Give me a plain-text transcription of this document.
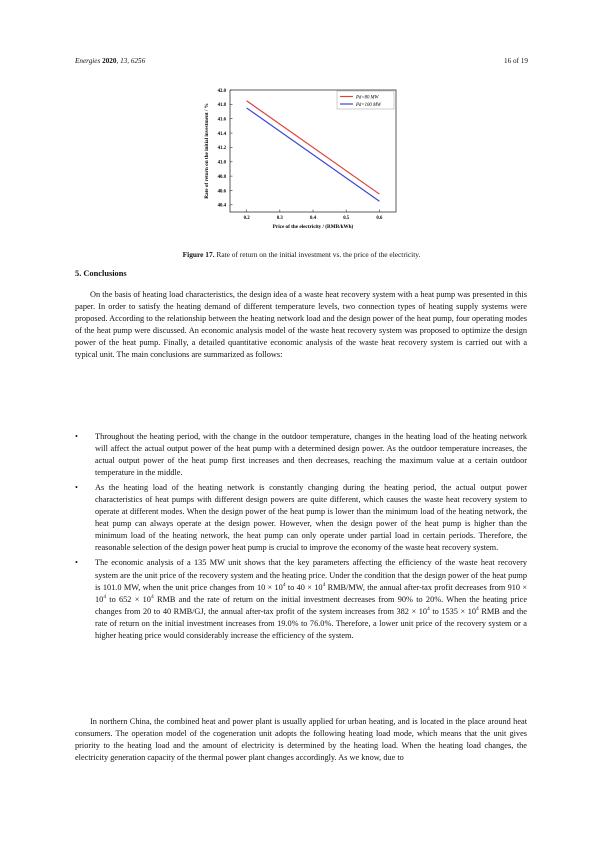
Energies 2020, 13, 6256	16 of 19
40.4
40.6
40.8
41.0
41.2
41.4
41.6
41.8
42.0
0.2	0.3	0.4	0.5	0.6
Price of the electricity / (RMB/kWh)
Rate of return on the initial investment / %
Pd=80 MW
Pd=100 MW
Figure 17. Rate of return on the initial investment vs. the price of the electricity.
5. Conclusions

On the basis of heating load characteristics, the design idea of a waste heat recovery system with a heat pump was presented in this paper. In order to satisfy the heating demand of different temperature levels, two connection types of heating supply systems were proposed. According to the relationship between the heating network load and the design power of the heat pump, four operating modes of the heat pump were discussed. An economic analysis model of the waste heat recovery system was proposed to optimize the design power of the heat pump. Finally, a detailed quantitative economic analysis of the waste heat recovery system is carried out with a typical unit. The main conclusions are summarized as follows:

• Throughout the heating period, with the change in the outdoor temperature, changes in the heating load of the heating network will affect the actual output power of the heat pump with a determined design power. As the outdoor temperature increases, the actual output power of the heat pump first increases and then decreases, reaching the maximum value at a certain outdoor temperature in the middle.
• As the heating load of the heating network is constantly changing during the heating period, the actual output power characteristics of heat pumps with different design powers are quite different, which causes the waste heat recovery system to operate at different modes. When the design power of the heat pump is lower than the minimum load of the heating network, the heat pump can always operate at the design power. However, when the design power of the heat pump is higher than the minimum load of the heating network, the heat pump can only operate under partial load in certain periods. Therefore, the reasonable selection of the design power heat pump is crucial to improve the economy of the waste heat recovery system.
• The economic analysis of a 135 MW unit shows that the key parameters affecting the efficiency of the waste heat recovery system are the unit price of the recovery system and the heating price. Under the condition that the design power of the heat pump is 101.0 MW, when the unit price changes from $10 \times 10^4$ to $40 \times 10^4$ RMB/MW, the annual after-tax profit decreases from $910 \times 10^4$ to $652 \times 10^4$ RMB and the rate of return on the initial investment decreases from 90% to 20%. When the heating price changes from 20 to 40 RMB/GJ, the annual after-tax profit of the system increases from $382 \times 10^4$ to $1535 \times 10^4$ RMB and the rate of return on the initial investment increases from 19.0% to 76.0%. Therefore, a lower unit price of the recovery system or a higher heating price would considerably increase the efficiency of the system.

In northern China, the combined heat and power plant is usually applied for urban heating, and is located in the place around heat consumers. The operation model of the cogeneration unit adopts the following heating load mode, which means that the unit gives priority to the heating load and the amount of electricity is determined by the heating load. When the heating load changes, the electricity generation capacity of the thermal power plant changes accordingly. As we know, due to
